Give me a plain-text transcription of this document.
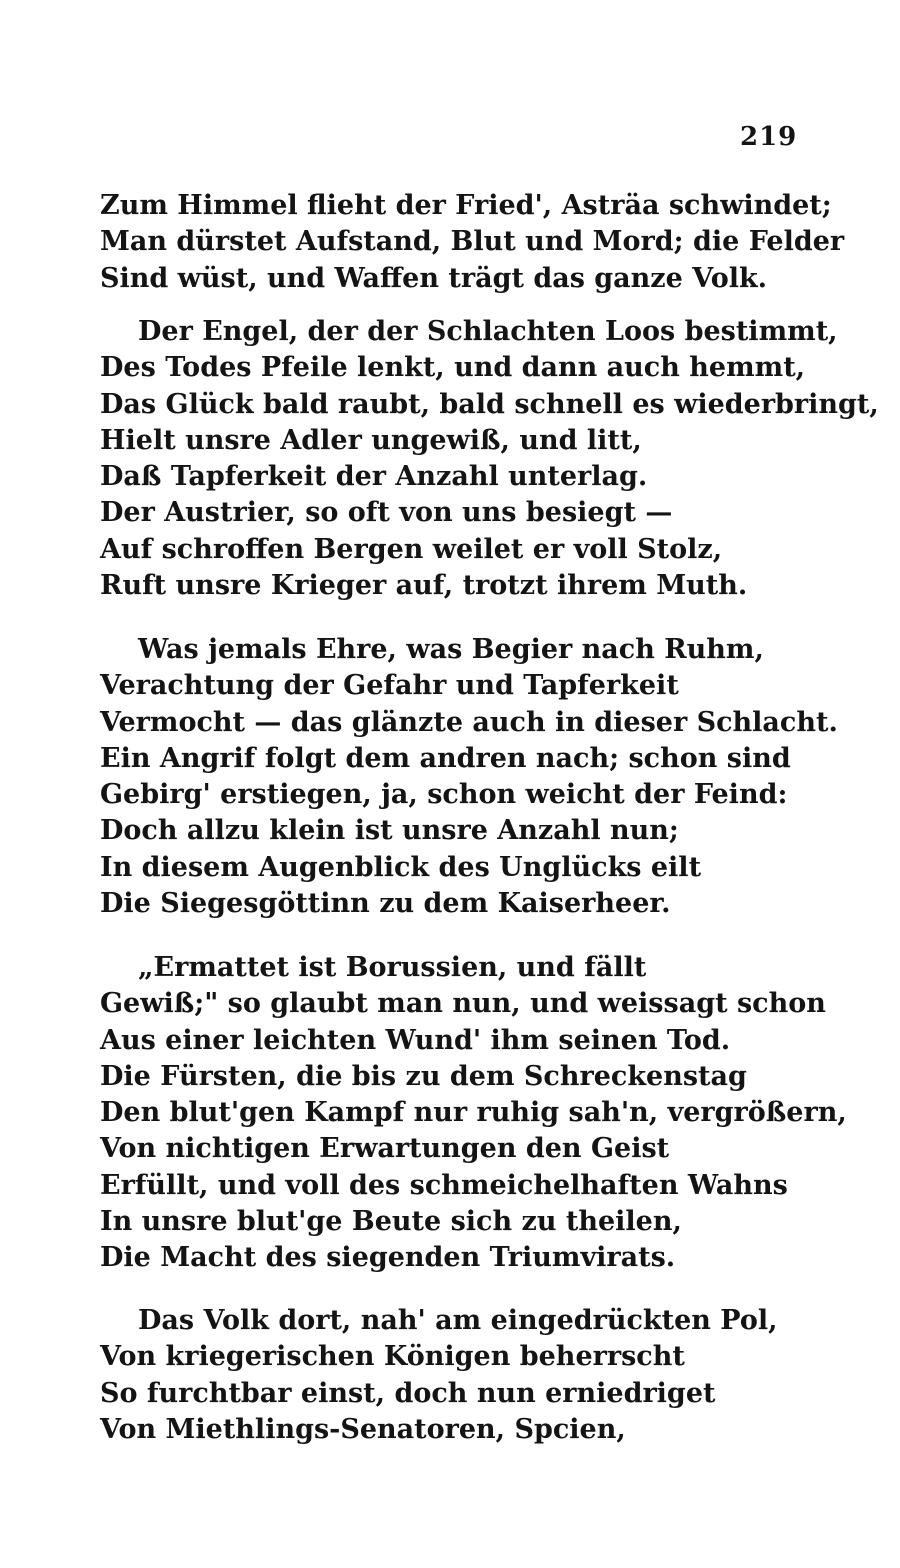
219
Zum Himmel flieht der Fried', Asträa schwindet;
Man dürstet Aufstand, Blut und Mord; die Felder
Sind wüst, und Waffen trägt das ganze Volk.
Der Engel, der der Schlachten Loos bestimmt,
Des Todes Pfeile lenkt, und dann auch hemmt,
Das Glück bald raubt, bald schnell es wiederbringt,
Hielt unsre Adler ungewiß, und litt,
Daß Tapferkeit der Anzahl unterlag.
Der Austrier, so oft von uns besiegt —
Auf schroffen Bergen weilet er voll Stolz,
Ruft unsre Krieger auf, trotzt ihrem Muth.
Was jemals Ehre, was Begier nach Ruhm,
Verachtung der Gefahr und Tapferkeit
Vermocht — das glänzte auch in dieser Schlacht.
Ein Angrif folgt dem andren nach; schon sind
Gebirg' erstiegen, ja, schon weicht der Feind:
Doch allzu klein ist unsre Anzahl nun;
In diesem Augenblick des Unglücks eilt
Die Siegesgöttinn zu dem Kaiserheer.
„Ermattet ist Borussien, und fällt
Gewiß;" so glaubt man nun, und weissagt schon
Aus einer leichten Wund' ihm seinen Tod.
Die Fürsten, die bis zu dem Schreckenstag
Den blut'gen Kampf nur ruhig sah'n, vergrößern,
Von nichtigen Erwartungen den Geist
Erfüllt, und voll des schmeichelhaften Wahns
In unsre blut'ge Beute sich zu theilen,
Die Macht des siegenden Triumvirats.
Das Volk dort, nah' am eingedrückten Pol,
Von kriegerischen Königen beherrscht
So furchtbar einst, doch nun erniedriget
Von Miethlings-Senatoren, Spcien,
